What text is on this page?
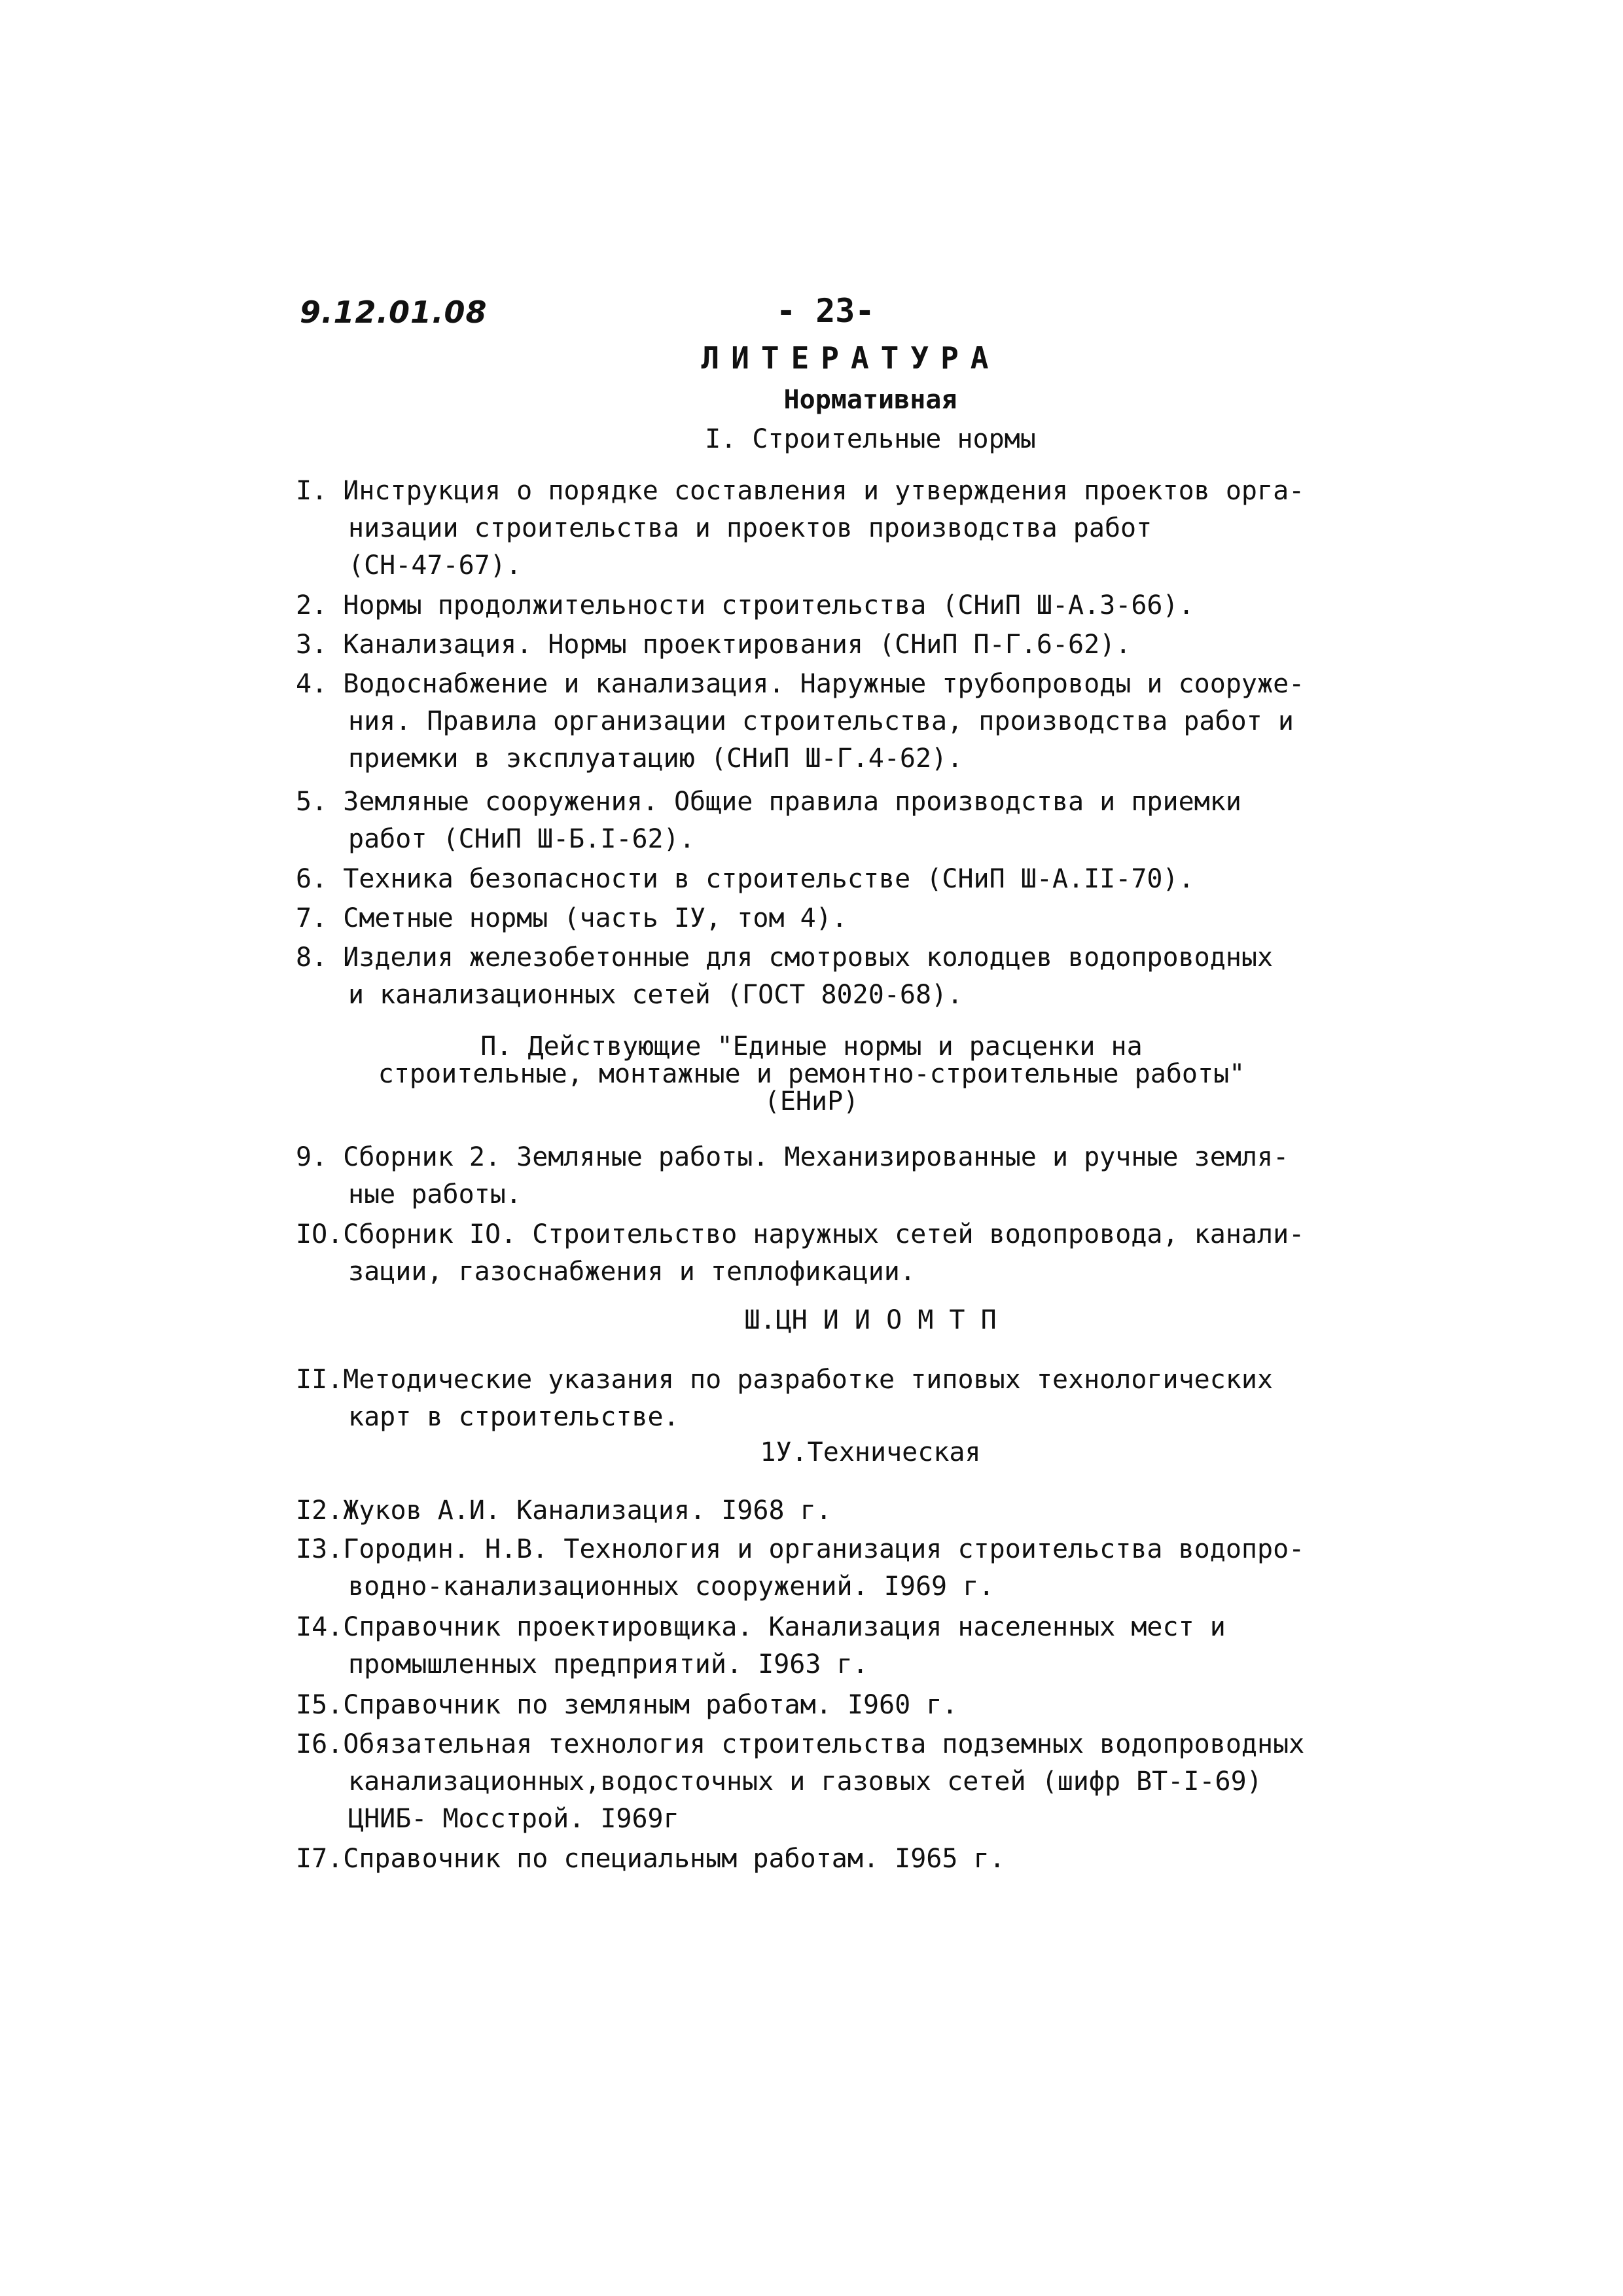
9.12.01.08	- 23-
ЛИТЕРАТУРА
Нормативная
I. Строительные нормы
I. Инструкция о порядке составления и утверждения проектов орга-
низации строительства и проектов производства работ
(СН-47-67).
2. Нормы продолжительности строительства (СНиП Ш-А.3-66).
3. Канализация. Нормы проектирования (СНиП П-Г.6-62).
4. Водоснабжение и канализация. Наружные трубопроводы и сооруже-
ния. Правила организации строительства, производства работ и
приемки в эксплуатацию (СНиП Ш-Г.4-62).
5. Земляные сооружения. Общие правила производства и приемки
работ (СНиП Ш-Б.I-62).
6. Техника безопасности в строительстве (СНиП Ш-А.II-70).
7. Сметные нормы (часть IУ, том 4).
8. Изделия железобетонные для смотровых колодцев водопроводных
и канализационных сетей (ГОСТ 8020-68).
П. Действующие "Единые нормы и расценки на
строительные, монтажные и ремонтно-строительные работы"
(ЕНиР)
9. Сборник 2. Земляные работы. Механизированные и ручные земля-
ные работы.
IO.Сборник IO. Строительство наружных сетей водопровода, канали-
зации, газоснабжения и теплофикации.
Ш.ЦН И И О М Т П
II.Методические указания по разработке типовых технологических
карт в строительстве.
1У.Техническая
I2.Жуков А.И. Канализация. I968 г.
I3.Городин. Н.В. Технология и организация строительства водопро-
водно-канализационных сооружений. I969 г.
I4.Справочник проектировщика. Канализация населенных мест и
промышленных предприятий. I963 г.
I5.Справочник по земляным работам. I960 г.
I6.Обязательная технология строительства подземных водопроводных
канализационных,водосточных и газовых сетей (шифр ВТ-I-69)
ЦНИБ- Мосстрой. I969г
I7.Справочник по специальным работам. I965 г.
